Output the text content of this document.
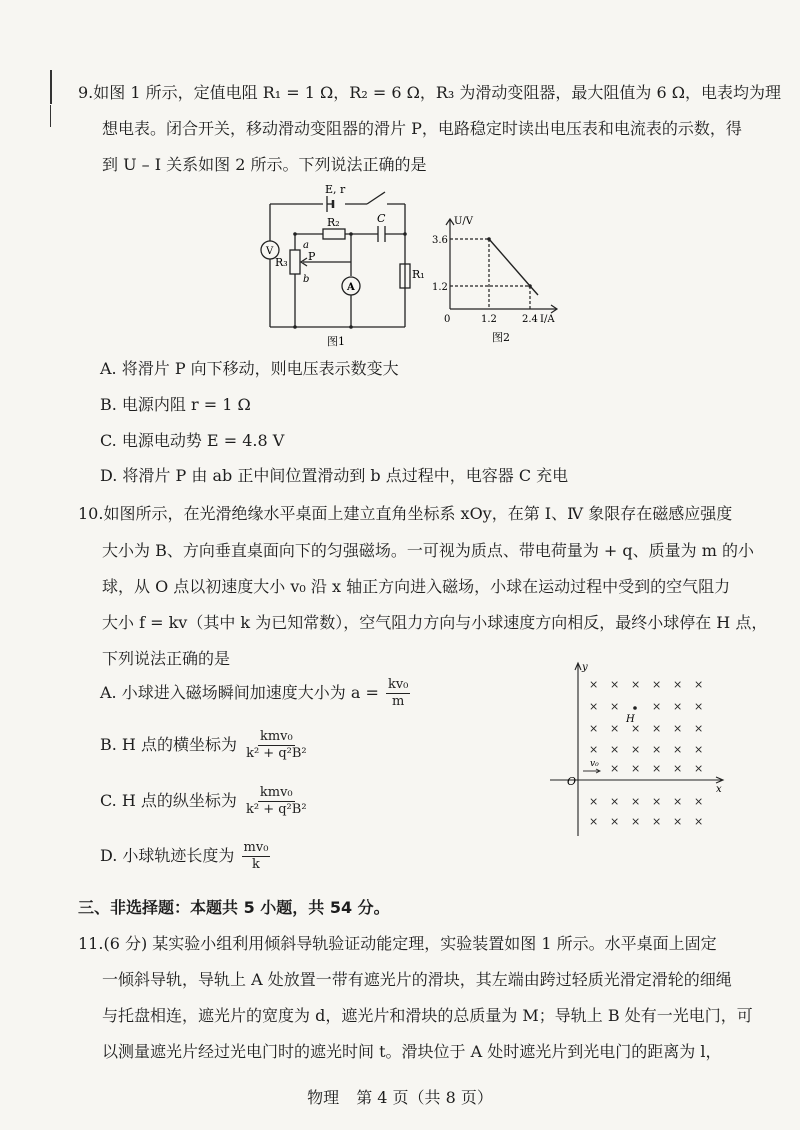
9.如图 1 所示，定值电阻 R₁ = 1 Ω，R₂ = 6 Ω，R₃ 为滑动变阻器，最大阻值为 6 Ω，电表均为理
想电表。闭合开关，移动滑动变阻器的滑片 P，电路稳定时读出电压表和电流表的示数，得
到 U – I 关系如图 2 所示。下列说法正确的是
E, r
R₂	C
a
P
R₃
b	R₁
V
A
图1
U/V
3.6
1.2
0	1.2	2.4 I/A
图2
A. 将滑片 P 向下移动，则电压表示数变大
B. 电源内阻 r = 1 Ω
C. 电源电动势 E = 4.8 V
D. 将滑片 P 由 ab 正中间位置滑动到 b 点过程中，电容器 C 充电
10.如图所示，在光滑绝缘水平桌面上建立直角坐标系 xOy，在第 Ⅰ、Ⅳ 象限存在磁感应强度
大小为 B、方向垂直桌面向下的匀强磁场。一可视为质点、带电荷量为 + q、质量为 m 的小
球，从 O 点以初速度大小 v₀ 沿 x 轴正方向进入磁场，小球在运动过程中受到的空气阻力
大小 f = kv（其中 k 为已知常数），空气阻力方向与小球速度方向相反，最终小球停在 H 点，
下列说法正确的是
A. 小球进入磁场瞬间加速度大小为 $a = \frac{\text{kv₀}}{m}$
B. H 点的横坐标为 $\frac{\text{kmv₀}}{\text{k² + q²B²}}$
C. H 点的纵坐标为 $\frac{\text{kmv₀}}{\text{k² + q²B²}}$
D. 小球轨迹长度为 $\frac{\text{mv₀}}{k}$
× × × × × ×
× ×	× × ×
× × × × × ×
× × × × × ×
× × × × × ×
× × × × × ×
× × × × ×
y
x
O
H
v₀
三、非选择题：本题共 5 小题，共 54 分。
11.(6 分) 某实验小组利用倾斜导轨验证动能定理，实验装置如图 1 所示。水平桌面上固定
一倾斜导轨，导轨上 A 处放置一带有遮光片的滑块，其左端由跨过轻质光滑定滑轮的细绳
与托盘相连，遮光片的宽度为 d，遮光片和滑块的总质量为 M；导轨上 B 处有一光电门，可
以测量遮光片经过光电门时的遮光时间 t。滑块位于 A 处时遮光片到光电门的距离为 l，
物理 第 4 页（共 8 页）
